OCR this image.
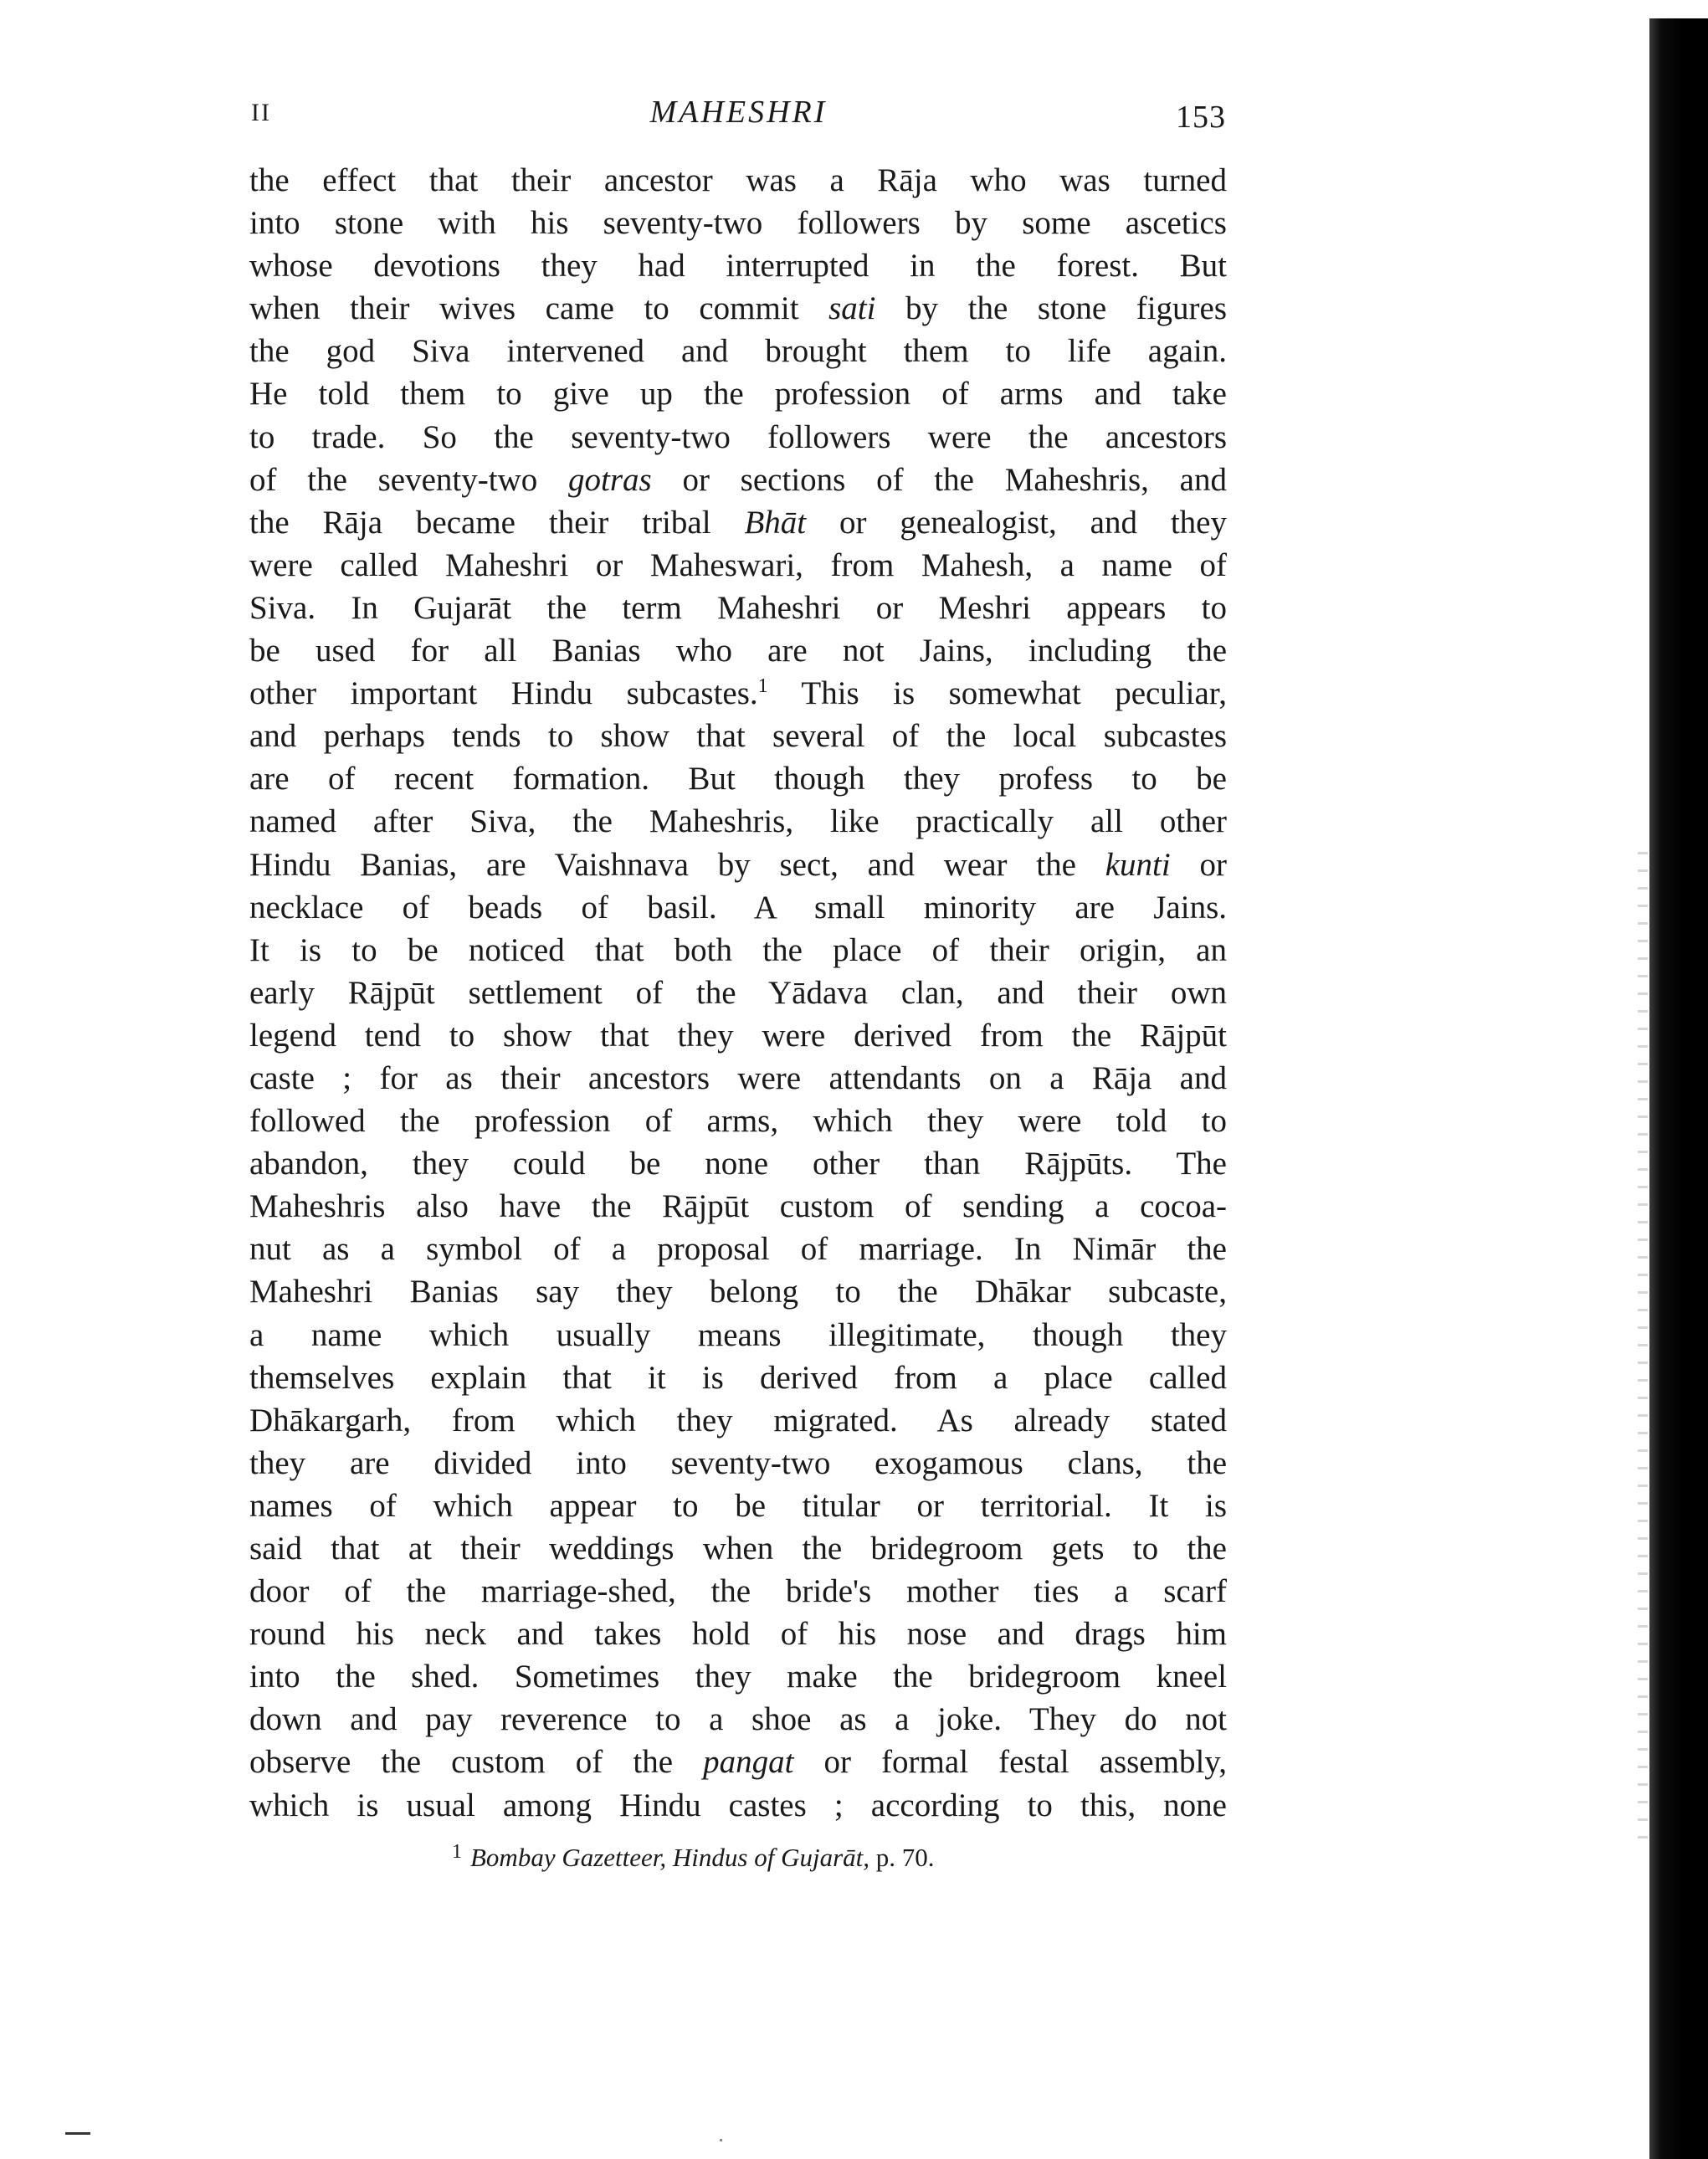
II	MAHESHRI	153
the effect that their ancestor was a Rāja who was turned
into stone with his seventy-two followers by some ascetics
whose devotions they had interrupted in the forest. But
when their wives came to commit sati by the stone figures
the god Siva intervened and brought them to life again.
He told them to give up the profession of arms and take
to trade. So the seventy-two followers were the ancestors
of the seventy-two gotras or sections of the Maheshris, and
the Rāja became their tribal Bhāt or genealogist, and they
were called Maheshri or Maheswari, from Mahesh, a name of
Siva. In Gujarāt the term Maheshri or Meshri appears to
be used for all Banias who are not Jains, including the
other important Hindu subcastes.$^1$ This is somewhat peculiar,
and perhaps tends to show that several of the local subcastes
are of recent formation. But though they profess to be
named after Siva, the Maheshris, like practically all other
Hindu Banias, are Vaishnava by sect, and wear the kunti or
necklace of beads of basil. A small minority are Jains.
It is to be noticed that both the place of their origin, an
early Rājpūt settlement of the Yādava clan, and their own
legend tend to show that they were derived from the Rājpūt
caste ; for as their ancestors were attendants on a Rāja and
followed the profession of arms, which they were told to
abandon, they could be none other than Rājpūts. The
Maheshris also have the Rājpūt custom of sending a cocoa-
nut as a symbol of a proposal of marriage. In Nimār the
Maheshri Banias say they belong to the Dhākar subcaste,
a name which usually means illegitimate, though they
themselves explain that it is derived from a place called
Dhākargarh, from which they migrated. As already stated
they are divided into seventy-two exogamous clans, the
names of which appear to be titular or territorial. It is
said that at their weddings when the bridegroom gets to the
door of the marriage-shed, the bride's mother ties a scarf
round his neck and takes hold of his nose and drags him
into the shed. Sometimes they make the bridegroom kneel
down and pay reverence to a shoe as a joke. They do not
observe the custom of the pangat or formal festal assembly,
which is usual among Hindu castes ; according to this, none
$^1$ Bombay Gazetteer, Hindus of Gujarāt, p. 70.
